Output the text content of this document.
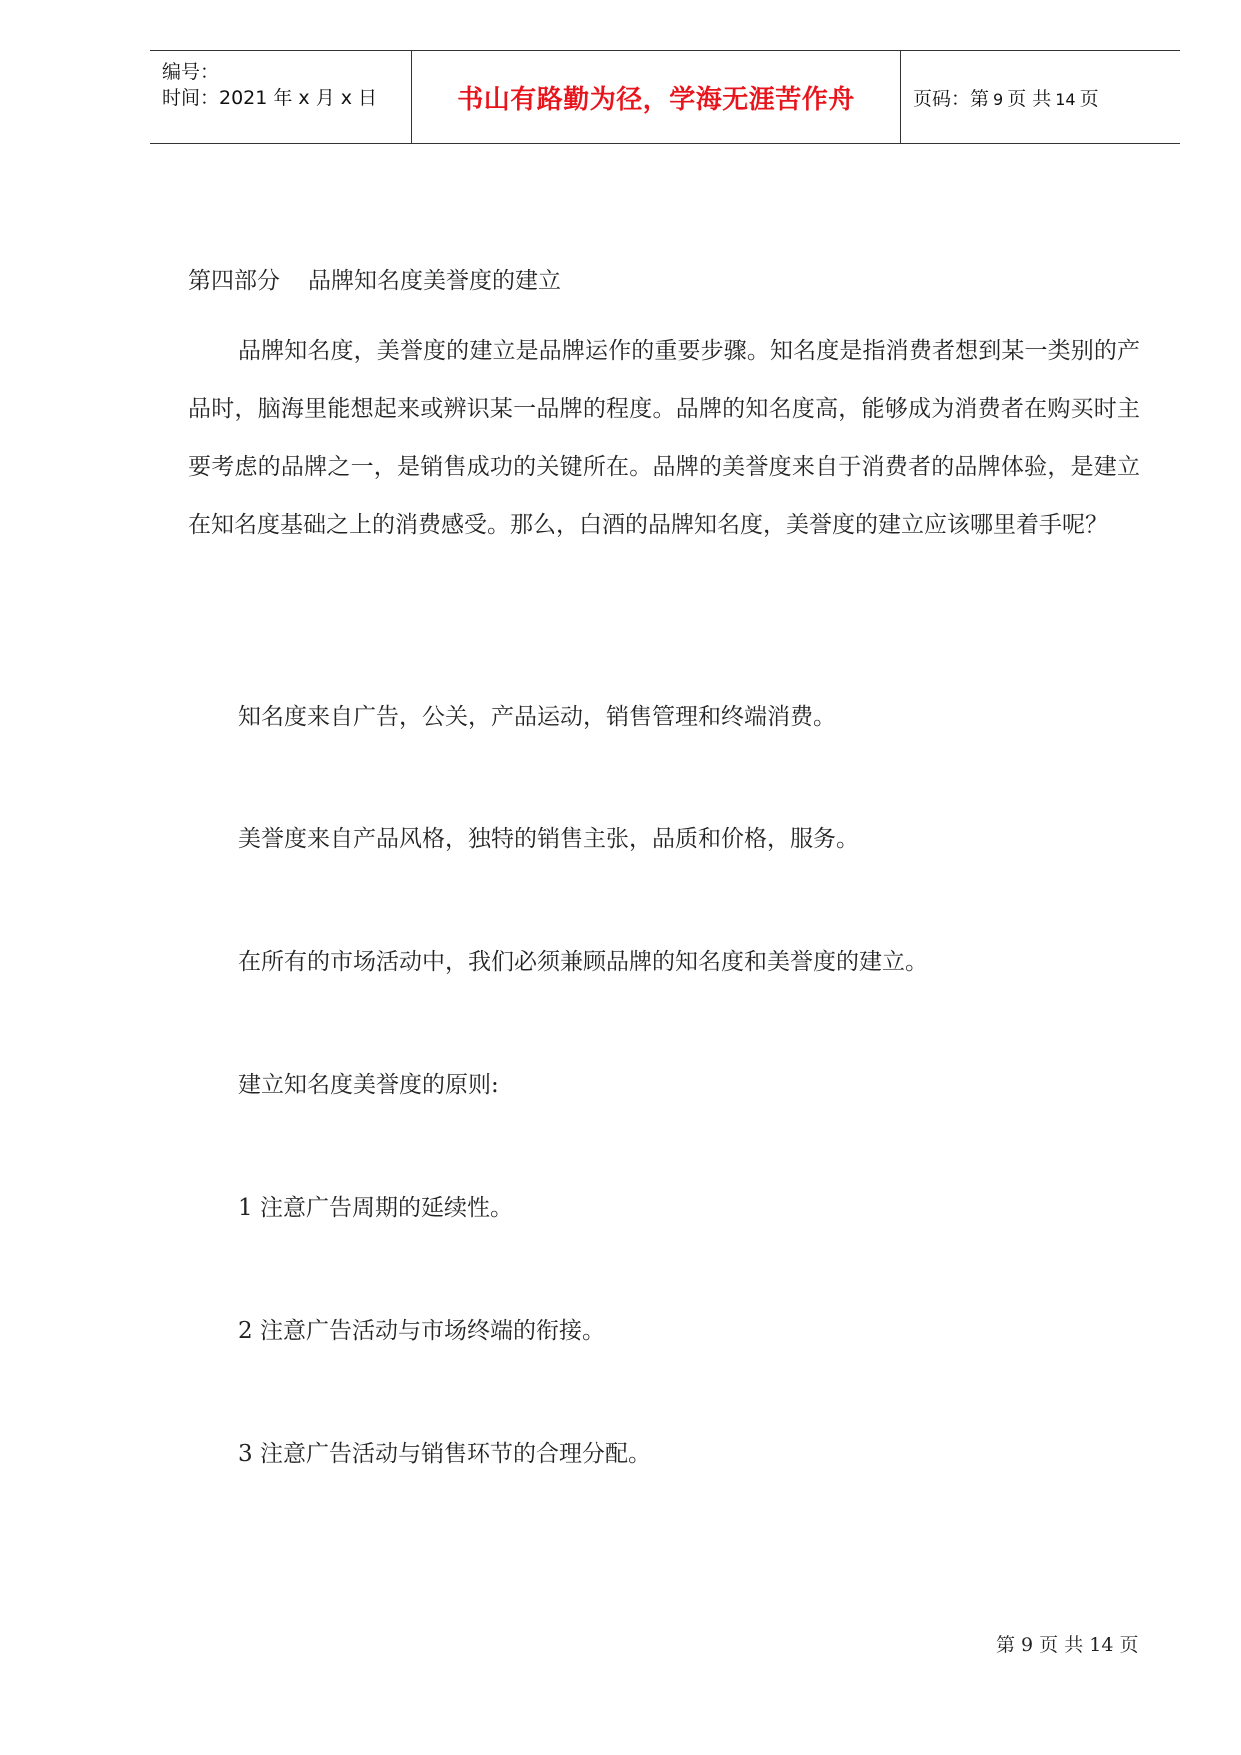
编号：
时间：2021 年 x 月 x 日	书山有路勤为径，学海无涯苦作舟	页码：第 9 页 共 14 页
第四部分 品牌知名度美誉度的建立
品牌知名度，美誉度的建立是品牌运作的重要步骤。知名度是指消费者想到某一类别的产品时，脑海里能想起来或辨识某一品牌的程度。品牌的知名度高，能够成为消费者在购买时主要考虑的品牌之一，是销售成功的关键所在。品牌的美誉度来自于消费者的品牌体验，是建立在知名度基础之上的消费感受。那么，白酒的品牌知名度，美誉度的建立应该哪里着手呢？
知名度来自广告，公关，产品运动，销售管理和终端消费。
美誉度来自产品风格，独特的销售主张，品质和价格，服务。
在所有的市场活动中，我们必须兼顾品牌的知名度和美誉度的建立。
建立知名度美誉度的原则:
1 注意广告周期的延续性。
2 注意广告活动与市场终端的衔接。
3 注意广告活动与销售环节的合理分配。
第 9 页 共 14 页
